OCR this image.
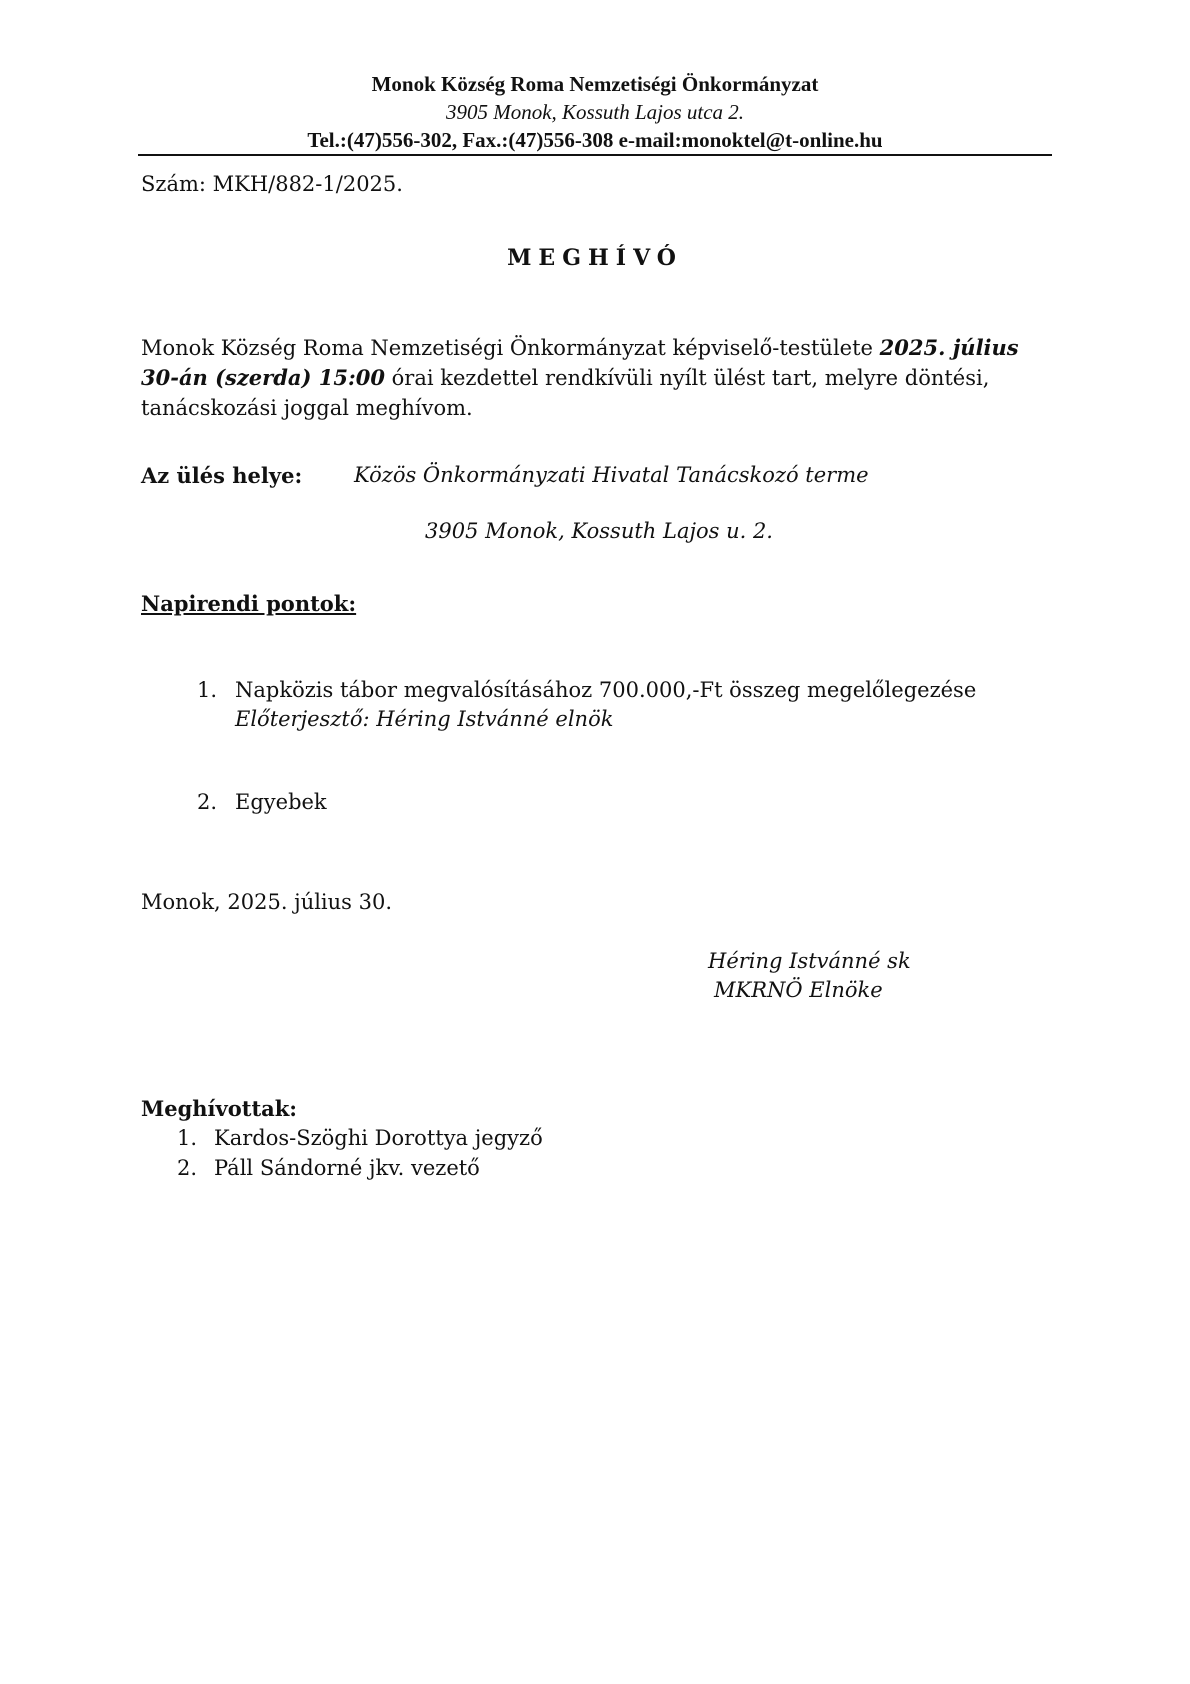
Monok Község Roma Nemzetiségi Önkormányzat
3905 Monok, Kossuth Lajos utca 2.
Tel.:(47)556-302, Fax.:(47)556-308 e-mail:monoktel@t-online.hu
Szám: MKH/882-1/2025.
MEGHÍVÓ
Monok Község Roma Nemzetiségi Önkormányzat képviselő-testülete 2025. július 30-án (szerda) 15:00 órai kezdettel rendkívüli nyílt ülést tart, melyre döntési, tanácskozási joggal meghívom.
Az ülés helye: Közös Önkormányzati Hivatal Tanácskozó terme
3905 Monok, Kossuth Lajos u. 2.
Napirendi pontok:
1. Napközis tábor megvalósításához 700.000,-Ft összeg megelőlegezése
Előterjesztő: Héring Istvánné elnök
2. Egyebek
Monok, 2025. július 30.
Héring Istvánné sk
MKRNÖ Elnöke
Meghívottak:
1. Kardos-Szöghi Dorottya jegyző
2. Páll Sándorné jkv. vezető
